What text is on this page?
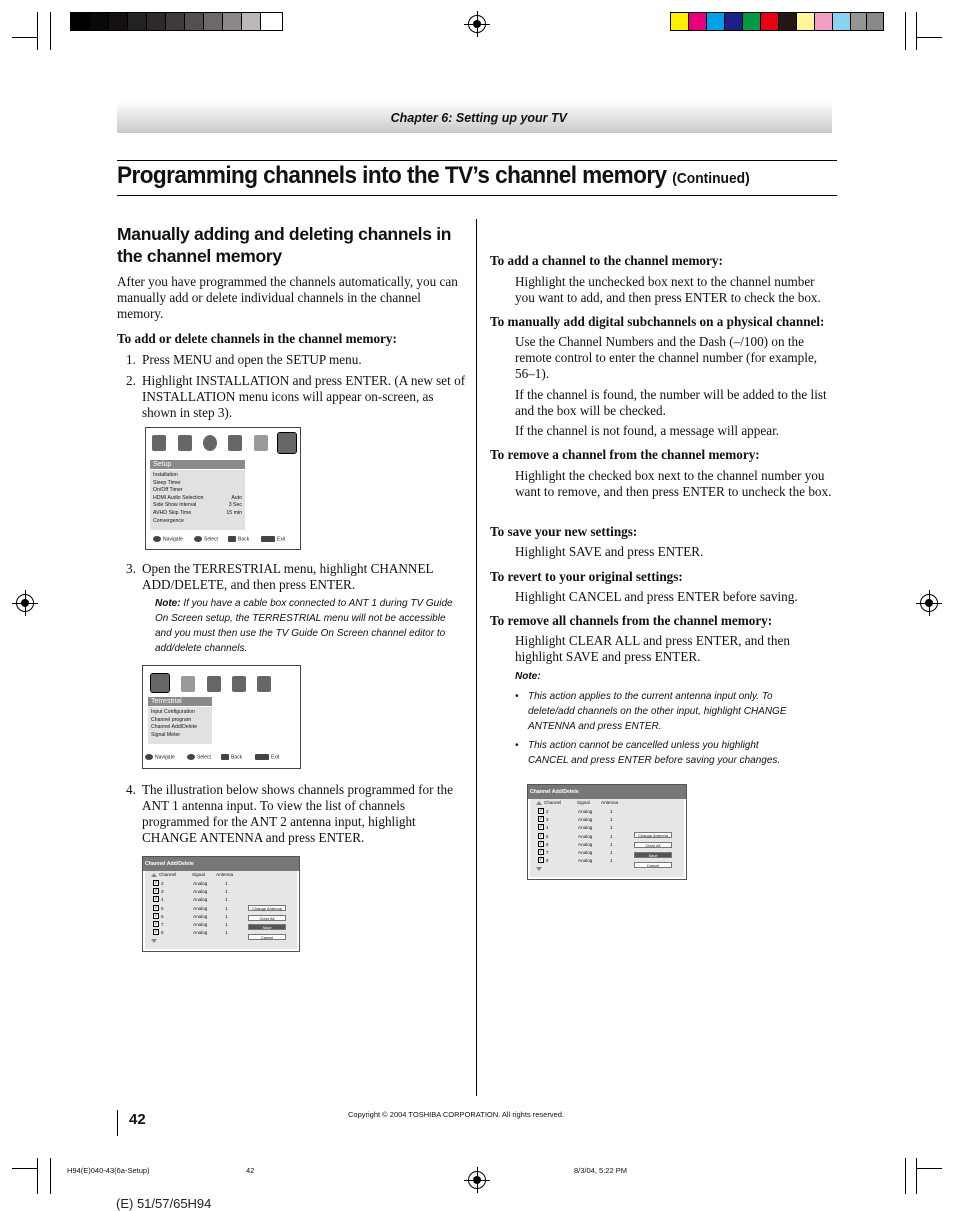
Chapter 6: Setting up your TV
Programming channels into the TV’s channel memory (Continued)
Manually adding and deleting channels in the channel memory
After you have programmed the channels automatically, you can manually add or delete individual channels in the channel memory.
To add or delete channels in the channel memory:
1. Press MENU and open the SETUP menu.
2. Highlight INSTALLATION and press ENTER. (A new set of INSTALLATION menu icons will appear on-screen, as shown in step 3).
Setup
Installation
Sleep Timer
On/Off Timer
HDMI Audio Selection	Auto
Side Show Interval	3 Sec
AVHD Skip Time	15 min
Convergence
Navigate	Select	Back	Exit
3. Open the TERRESTRIAL menu, highlight CHANNEL ADD/DELETE, and then press ENTER.
Note: If you have a cable box connected to ANT 1 during TV Guide On Screen setup, the TERRESTRIAL menu will not be accessible and you must then use the TV Guide On Screen channel editor to add/delete channels.
Terrestrial
Input Configuration
Channel program
Channel Add/Delete
Signal Meter
Navigate	Select	Back	Exit
4. The illustration below shows channels programmed for the ANT 1 antenna input. To view the list of channels programmed for the ANT 2 antenna input, highlight CHANGE ANTENNA and press ENTER.
Channel Add/Delete
Channel	Signal Antenna
✓ 2	Analog	1
✓ 3	Analog	1
✓ 4	Analog	1
✓ 5	Analog	1
✓ 6	Analog	1
✓ 7	Analog	1
✓ 8	Analog	1
Change Antenna
Clear All
Save
Cancel
To add a channel to the channel memory:
Highlight the unchecked box next to the channel number you want to add, and then press ENTER to check the box.
To manually add digital subchannels on a physical channel:
Use the Channel Numbers and the Dash (–/100) on the remote control to enter the channel number (for example, 56–1).
If the channel is found, the number will be added to the list and the box will be checked.
If the channel is not found, a message will appear.
To remove a channel from the channel memory:
Highlight the checked box next to the channel number you want to remove, and then press ENTER to uncheck the box.
To save your new settings:
Highlight SAVE and press ENTER.
To revert to your original settings:
Highlight CANCEL and press ENTER before saving.
To remove all channels from the channel memory:
Highlight CLEAR ALL and press ENTER, and then highlight SAVE and press ENTER.
Note:
• This action applies to the current antenna input only. To delete/add channels on the other input, highlight CHANGE ANTENNA and press ENTER.
• This action cannot be cancelled unless you highlight CANCEL and press ENTER before saving your changes.
Channel Add/Delete
Channel	Signal Antenna
✓ 2	Analog	1
✓ 3	Analog	1
✓ 4	Analog	1
✓ 5	Analog	1
✓ 6	Analog	1
✓ 7	Analog	1
✓ 8	Analog	1
Change Antenna
Clear All
Save
Cancel
42	Copyright © 2004 TOSHIBA CORPORATION. All rights reserved.
H94(E)040-43(6a-Setup)	42	8/3/04, 5:22 PM
(E) 51/57/65H94
